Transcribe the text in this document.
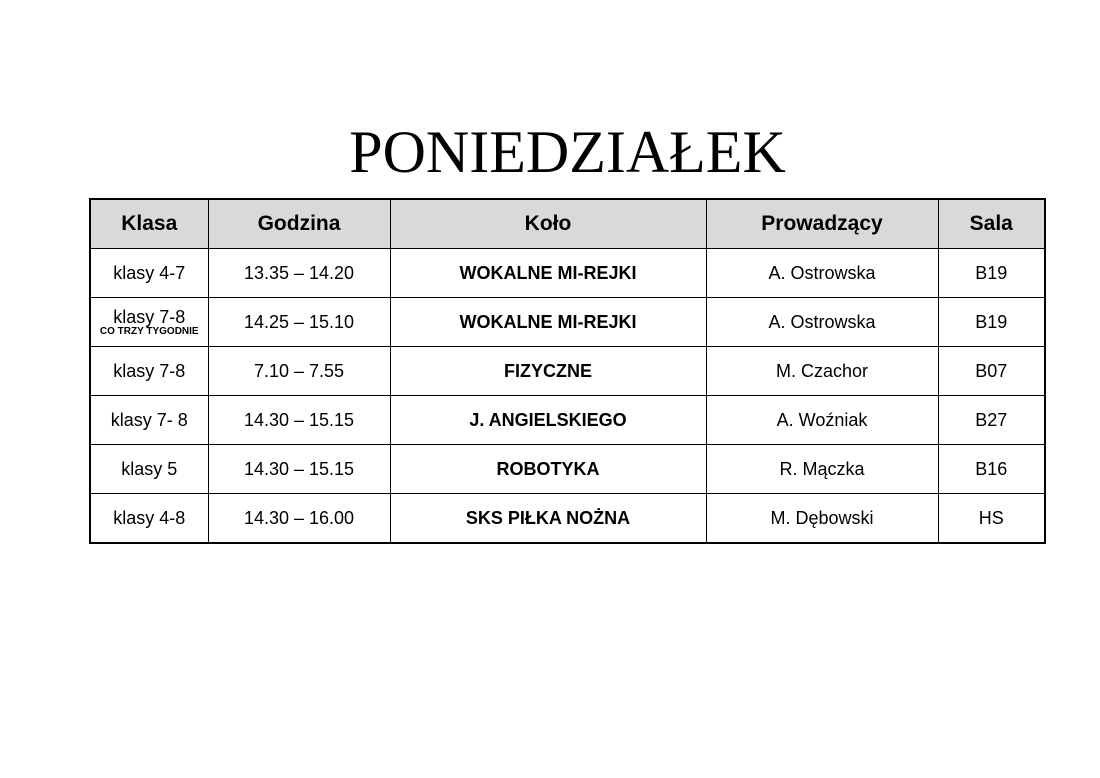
PONIEDZIAŁEK
Klasa	Godzina	Koło	Prowadzący	Sala
klasy 4-7	13.35 – 14.20	WOKALNE MI-REJKI	A. Ostrowska	B19

klasy 7-8
CO TRZY TYGODNIE	14.25 – 15.10	WOKALNE MI-REJKI	A. Ostrowska	B19
klasy 7-8	7.10 – 7.55	FIZYCZNE	M. Czachor	B07
klasy 7- 8	14.30 – 15.15	J. ANGIELSKIEGO	A. Woźniak	B27
klasy 5	14.30 – 15.15	ROBOTYKA	R. Mączka	B16
klasy 4-8	14.30 – 16.00	SKS PIŁKA NOŻNA	M. Dębowski	HS
